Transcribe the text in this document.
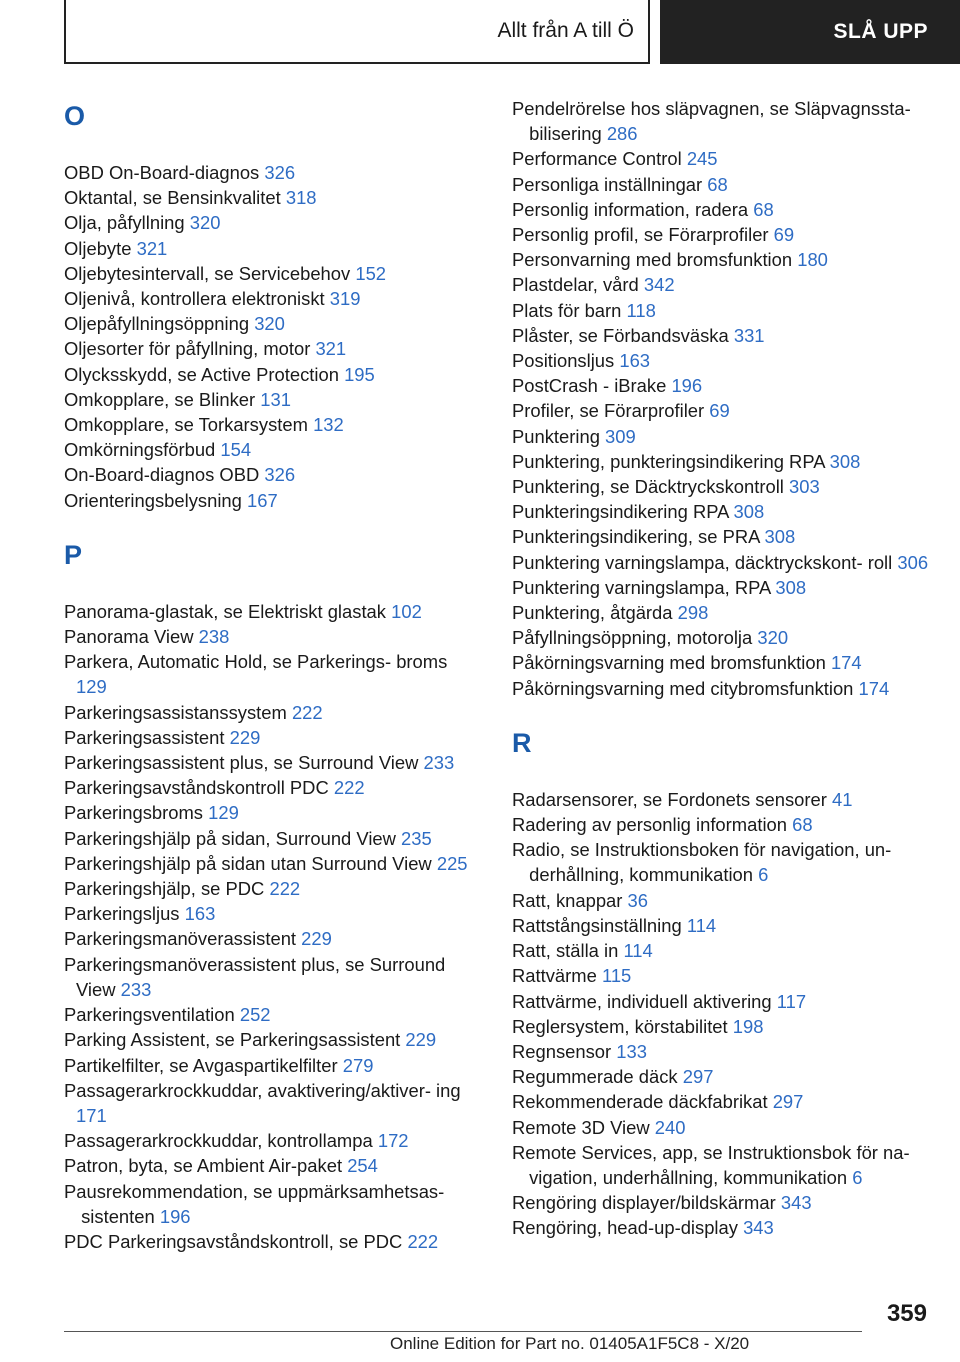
Allt från A till Ö	SLÅ UPP
O
OBD On-Board-diagnos 326
Oktantal, se Bensinkvalitet 318
Olja, påfyllning 320
Oljebyte 321
Oljebytesintervall, se Servicebehov 152
Oljenivå, kontrollera elektroniskt 319
Oljepåfyllningsöppning 320
Oljesorter för påfyllning, motor 321
Olycksskydd, se Active Protection 195
Omkopplare, se Blinker 131
Omkopplare, se Torkarsystem 132
Omkörningsförbud 154
On-Board-diagnos OBD 326
Orienteringsbelysning 167
P
Panorama-glastak, se Elektriskt glastak 102
Panorama View 238
Parkera, Automatic Hold, se Parkerings- broms 129
Parkeringsassistanssystem 222
Parkeringsassistent 229
Parkeringsassistent plus, se Surround View 233
Parkeringsavståndskontroll PDC 222
Parkeringsbroms 129
Parkeringshjälp på sidan, Surround View 235
Parkeringshjälp på sidan utan Surround View 225
Parkeringshjälp, se PDC 222
Parkeringsljus 163
Parkeringsmanöverassistent 229
Parkeringsmanöverassistent plus, se Surround View 233
Parkeringsventilation 252
Parking Assistent, se Parkeringsassistent 229
Partikelfilter, se Avgaspartikelfilter 279
Passagerarkrockkuddar, avaktivering/aktiver- ing 171
Passagerarkrockkuddar, kontrollampa 172
Patron, byta, se Ambient Air-paket 254
Pausrekommendation, se uppmärksamhetsas- sistenten 196
PDC Parkeringsavståndskontroll, se PDC 222
Pendelrörelse hos släpvagnen, se Släpvagnssta- bilisering 286
Performance Control 245
Personliga inställningar 68
Personlig information, radera 68
Personlig profil, se Förarprofiler 69
Personvarning med bromsfunktion 180
Plastdelar, vård 342
Plats för barn 118
Plåster, se Förbandsväska 331
Positionsljus 163
PostCrash - iBrake 196
Profiler, se Förarprofiler 69
Punktering 309
Punktering, punkteringsindikering RPA 308
Punktering, se Däcktryckskontroll 303
Punkteringsindikering RPA 308
Punkteringsindikering, se PRA 308
Punktering varningslampa, däcktryckskont- roll 306
Punktering varningslampa, RPA 308
Punktering, åtgärda 298
Påfyllningsöppning, motorolja 320
Påkörningsvarning med bromsfunktion 174
Påkörningsvarning med citybromsfunktion 174
R
Radarsensorer, se Fordonets sensorer 41
Radering av personlig information 68
Radio, se Instruktionsboken för navigation, un- derhållning, kommunikation 6
Ratt, knappar 36
Rattstångsinställning 114
Ratt, ställa in 114
Rattvärme 115
Rattvärme, individuell aktivering 117
Reglersystem, körstabilitet 198
Regnsensor 133
Regummerade däck 297
Rekommenderade däckfabrikat 297
Remote 3D View 240
Remote Services, app, se Instruktionsbok för na- vigation, underhållning, kommunikation 6
Rengöring displayer/bildskärmar 343
Rengöring, head-up-display 343
359
Online Edition for Part no. 01405A1F5C8 - X/20
